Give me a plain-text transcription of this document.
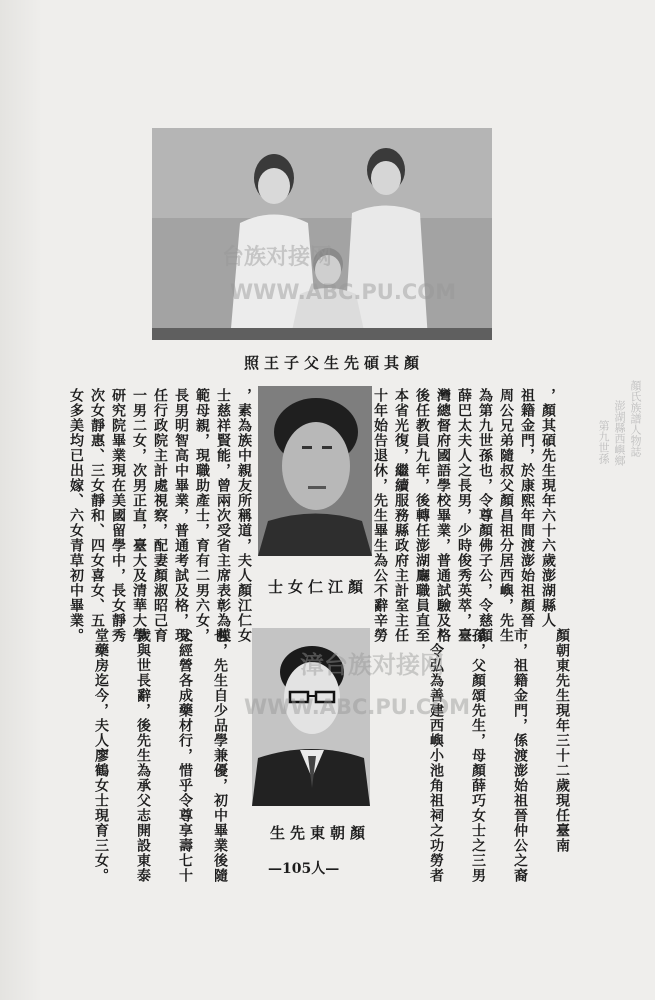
顏氏族譜人物誌
澎湖縣西嶼鄉
第九世孫
台族对接网
WWW.ABC.PU.COM
照王子父生先碩其顏
，顏其碩先生現年六十六歲澎湖縣人
祖籍金門，於康熙年間渡澎始祖顏晉
周公兄弟隨叔父顏昌祖分居西嶼，先生
為第九世孫也，令尊顏佛子公，令慈顏
薛巴太夫人之長男，少時俊秀英萃，臺
灣總督府國語學校畢業，普通試驗及格
後任教員九年，後轉任澎湖廳職員直至
本省光復，繼續服務縣政府主計室主任
十年始告退休，先生畢生為公不辭辛勞
士女仁江顏
，素為族中親友所稱道，夫人顏江仁女
士慈祥賢能，曾兩次受省主席表彰為模
範母親，現職助產士，育有二男六女，
長男明智高中畢業，普通考試及格，現
任行政院主計處視察，配妻顏淑昭己育
一男二女，次男正直，臺大及清華大學
研究院畢業現在美國留學中，長女靜秀
次女靜惠、三女靜和、四女喜女、五
女多美均已出嫁、六女青草初中畢業。
顏朝東先生現年三十二歲現任臺南
市，祖籍金門，係渡澎始祖晉仲公之裔
孫，父顏頌先生，母顏薛巧女士之三男
，令弘為善建西嶼小池角祖祠之功勞者
也，先生自少品學兼優，初中畢業後隨
父經營各成藥材行，惜乎令尊享壽七十
歲與世長辭，後先生為承父志開設東泰
堂藥房迄今，夫人廖鶴女士現育三女。	漳台族对接网
WWW.ABC.PU.COM
生先東朝顏
—105人—
